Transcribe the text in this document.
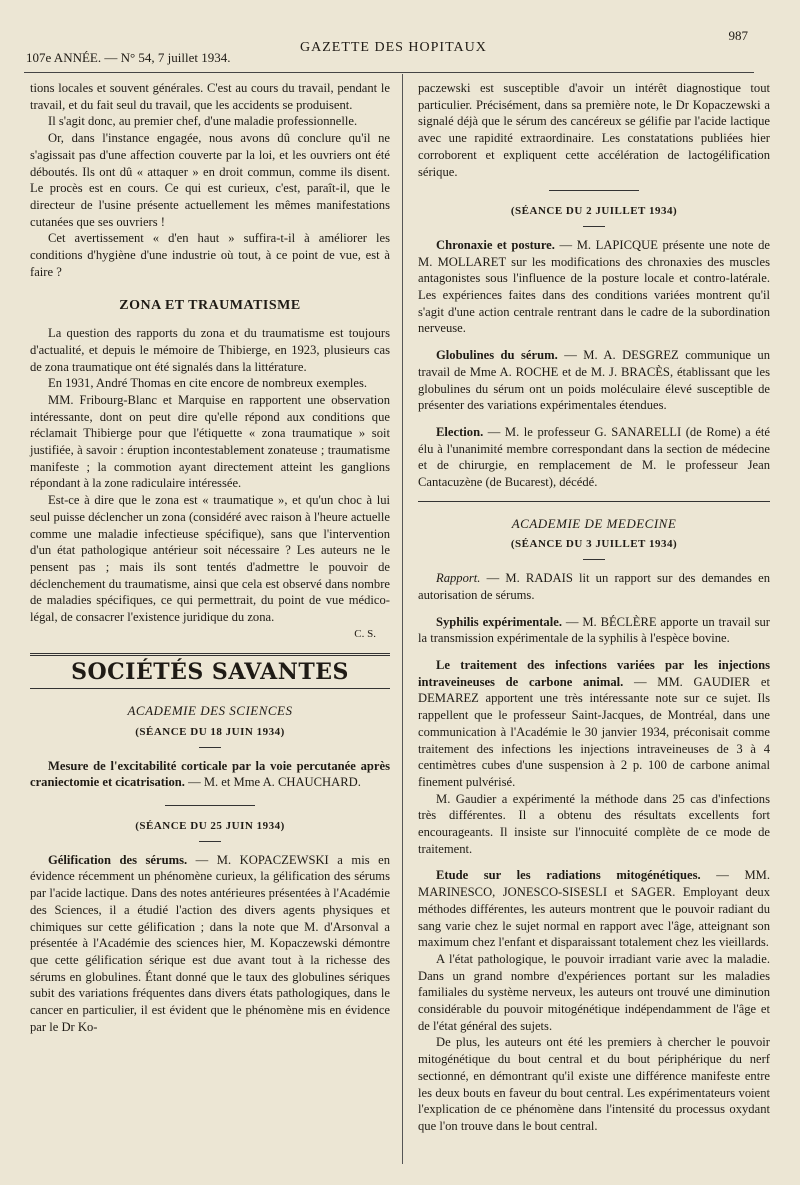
107e ANNÉE. — N° 54, 7 juillet 1934.
GAZETTE DES HOPITAUX
987

tions locales et souvent générales. C'est au cours du travail, pendant le travail, et du fait seul du travail, que les accidents se produisent.

Il s'agit donc, au premier chef, d'une maladie professionnelle.

Or, dans l'instance engagée, nous avons dû conclure qu'il ne s'agissait pas d'une affection couverte par la loi, et les ouvriers ont été déboutés. Ils ont dû « attaquer » en droit commun, comme ils disent. Le procès est en cours. Ce qui est curieux, c'est, paraît-il, que le directeur de l'usine présente actuellement les mêmes manifestations cutanées que ses ouvriers !

Cet avertissement « d'en haut » suffira-t-il à améliorer les conditions d'hygiène d'une industrie où tout, à ce point de vue, est à faire ?

ZONA ET TRAUMATISME

La question des rapports du zona et du traumatisme est toujours d'actualité, et depuis le mémoire de Thibierge, en 1923, plusieurs cas de zona traumatique ont été signalés dans la littérature.

En 1931, André Thomas en cite encore de nombreux exemples.

MM. Fribourg-Blanc et Marquise en rapportent une observation intéressante, dont on peut dire qu'elle répond aux conditions que réclamait Thibierge pour que l'étiquette « zona traumatique » soit justifiée, à savoir : éruption incontestablement zonateuse ; traumatisme manifeste ; la commotion ayant directement atteint les ganglions répondant à la zone radiculaire intéressée.

Est-ce à dire que le zona est « traumatique », et qu'un choc à lui seul puisse déclencher un zona (considéré avec raison à l'heure actuelle comme une maladie infectieuse spécifique), sans que l'intervention d'un état pathologique antérieur soit nécessaire ? Les auteurs ne le pensent pas ; mais ils sont tentés d'admettre le pouvoir de déclenchement du traumatisme, ainsi que cela est observé dans nombre de maladies spécifiques, ce qui permettrait, du point de vue médico-légal, de consacrer l'existence juridique du zona.

C. S.
SOCIÉTÉS SAVANTES
ACADEMIE DES SCIENCES
(SÉANCE DU 18 JUIN 1934)

Mesure de l'excitabilité corticale par la voie percutanée après craniectomie et cicatrisation. — M. et Mme A. CHAUCHARD.

(SÉANCE DU 25 JUIN 1934)

Gélification des sérums. — M. KOPACZEWSKI a mis en évidence récemment un phénomène curieux, la gélification des sérums par l'acide lactique. Dans des notes antérieures présentées à l'Académie des Sciences, il a étudié l'action des divers agents physiques et chimiques sur cette gélification ; dans la note que M. d'Arsonval a présentée à l'Académie des sciences hier, M. Kopaczewski démontre que cette gélification sérique est due avant tout à la richesse des sérums en globulines. Étant donné que le taux des globulines sériques subit des variations fréquentes dans divers états pathologiques, dans le cancer en particulier, il est évident que le phénomène mis en évidence par le Dr Ko-

paczewski est susceptible d'avoir un intérêt diagnostique tout particulier. Précisément, dans sa première note, le Dr Kopaczewski a signalé déjà que le sérum des cancéreux se gélifie par l'acide lactique avec une rapidité extraordinaire. Les constatations publiées hier corroborent et expliquent cette accélération de lactogélification sérique.

(SÉANCE DU 2 JUILLET 1934)

Chronaxie et posture. — M. LAPICQUE présente une note de M. MOLLARET sur les modifications des chronaxies des muscles antagonistes sous l'influence de la posture locale et contro-latérale. Les expériences faites dans des conditions variées montrent qu'il s'agit d'une action centrale rentrant dans le cadre de la subordination nerveuse.

Globulines du sérum. — M. A. DESGREZ communique un travail de Mme A. ROCHE et de M. J. BRACÈS, établissant que les globulines du sérum ont un poids moléculaire élevé susceptible de présenter des variations expérimentales étendues.

Election. — M. le professeur G. SANARELLI (de Rome) a été élu à l'unanimité membre correspondant dans la section de médecine et de chirurgie, en remplacement de M. le professeur Jean Cantacuzène (de Bucarest), décédé.

ACADEMIE DE MEDECINE
(SÉANCE DU 3 JUILLET 1934)

Rapport. — M. RADAIS lit un rapport sur des demandes en autorisation de sérums.

Syphilis expérimentale. — M. BÉCLÈRE apporte un travail sur la transmission expérimentale de la syphilis à l'espèce bovine.

Le traitement des infections variées par les injections intraveineuses de carbone animal. — MM. GAUDIER et DEMAREZ apportent une très intéressante note sur ce sujet. Ils rappellent que le professeur Saint-Jacques, de Montréal, dans une communication à l'Académie le 30 janvier 1934, préconisait comme traitement des infections les injections intraveineuses de 3 à 4 centimètres cubes d'une suspension à 2 p. 100 de carbone animal finement pulvérisé.

M. Gaudier a expérimenté la méthode dans 25 cas d'infections très différentes. Il a obtenu des résultats excellents fort encourageants. Il insiste sur l'innocuité complète de ce mode de traitement.

Etude sur les radiations mitogénétiques. — MM. MARINESCO, JONESCO-SISESLI et SAGER. Employant deux méthodes différentes, les auteurs montrent que le pouvoir radiant du sang varie chez le sujet normal en rapport avec l'âge, atteignant son maximum chez l'enfant et disparaissant totalement chez les vieillards.

A l'état pathologique, le pouvoir irradiant varie avec la maladie. Dans un grand nombre d'expériences portant sur les maladies familiales du système nerveux, les auteurs ont trouvé une diminution considérable du pouvoir mitogénétique indépendamment de l'âge et de l'état général des sujets.

De plus, les auteurs ont été les premiers à chercher le pouvoir mitogénétique du bout central et du bout périphérique du nerf sectionné, en démontrant qu'il existe une différence manifeste entre les deux bouts en faveur du bout central. Les expérimentateurs voient l'explication de ce phénomène dans l'intensité du processus oxydant que l'on trouve dans le bout central.
